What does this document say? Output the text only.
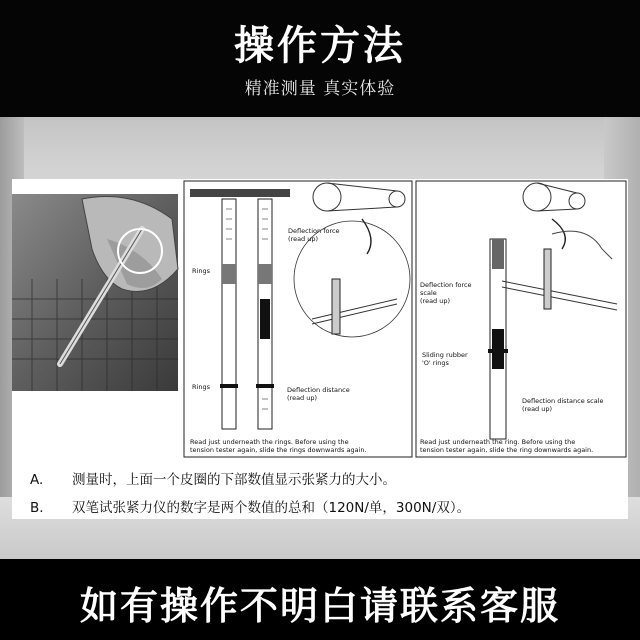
操作方法
精准测量 真实体验
Rings
Rings
Deflection force
(read up)
Deflection distance
(read up)
Read just underneath the rings. Before using the
tension tester again, slide the rings downwards again.
Deflection force
scale
(read up)
Sliding rubber
'O' rings
Deflection distance scale
(read up)
Read just underneath the ring. Before using the
tension tester again, slide the ring downwards again.
A. 测量时，上面一个皮圈的下部数值显示张紧力的大小。
B. 双笔试张紧力仪的数字是两个数值的总和（120N/单，300N/双）。
如有操作不明白请联系客服
